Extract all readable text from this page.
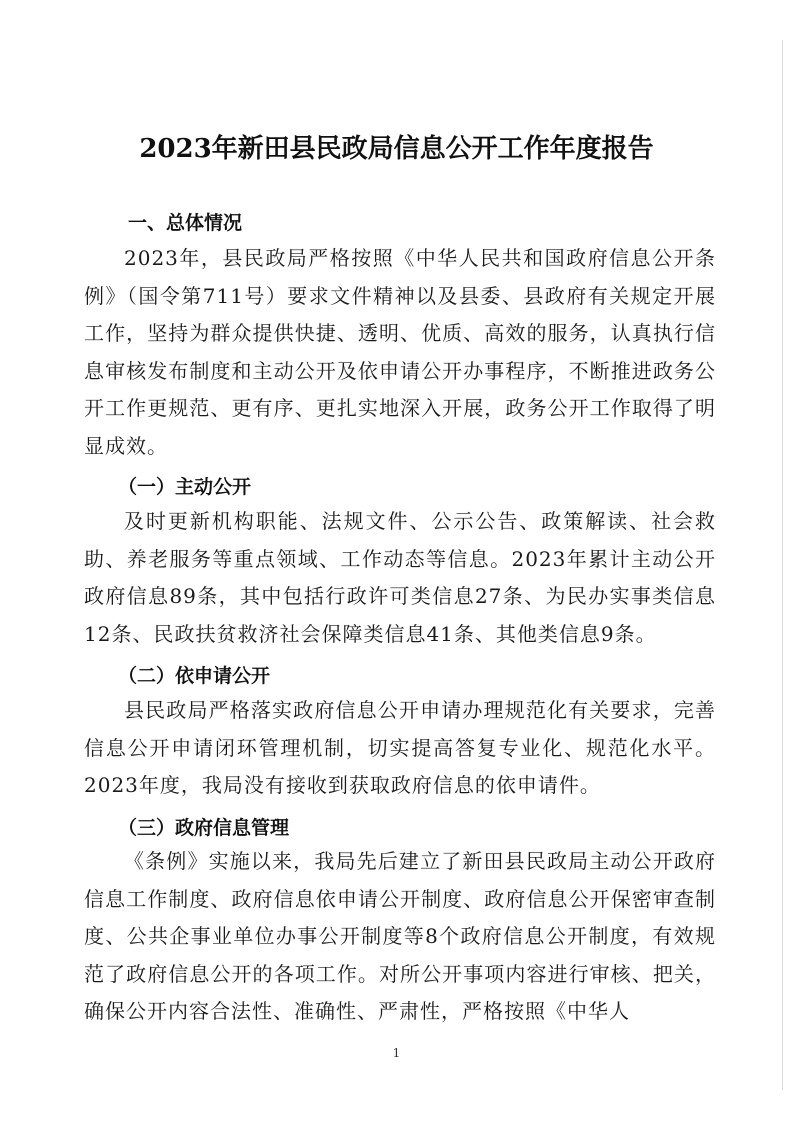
2023年新田县民政局信息公开工作年度报告
一、总体情况
2023年，县民政局严格按照《中华人民共和国政府信息公开条例》（国令第711号）要求文件精神以及县委、县政府有关规定开展工作，坚持为群众提供快捷、透明、优质、高效的服务，认真执行信息审核发布制度和主动公开及依申请公开办事程序，不断推进政务公开工作更规范、更有序、更扎实地深入开展，政务公开工作取得了明显成效。
（一）主动公开
及时更新机构职能、法规文件、公示公告、政策解读、社会救助、养老服务等重点领域、工作动态等信息。2023年累计主动公开政府信息89条，其中包括行政许可类信息27条、为民办实事类信息12条、民政扶贫救济社会保障类信息41条、其他类信息9条。
（二）依申请公开
县民政局严格落实政府信息公开申请办理规范化有关要求，完善信息公开申请闭环管理机制，切实提高答复专业化、规范化水平。2023年度，我局没有接收到获取政府信息的依申请件。
（三）政府信息管理
《条例》实施以来，我局先后建立了新田县民政局主动公开政府信息工作制度、政府信息依申请公开制度、政府信息公开保密审查制度、公共企事业单位办事公开制度等8个政府信息公开制度，有效规范了政府信息公开的各项工作。对所公开事项内容进行审核、把关，确保公开内容合法性、准确性、严肃性，严格按照《中华人
1
